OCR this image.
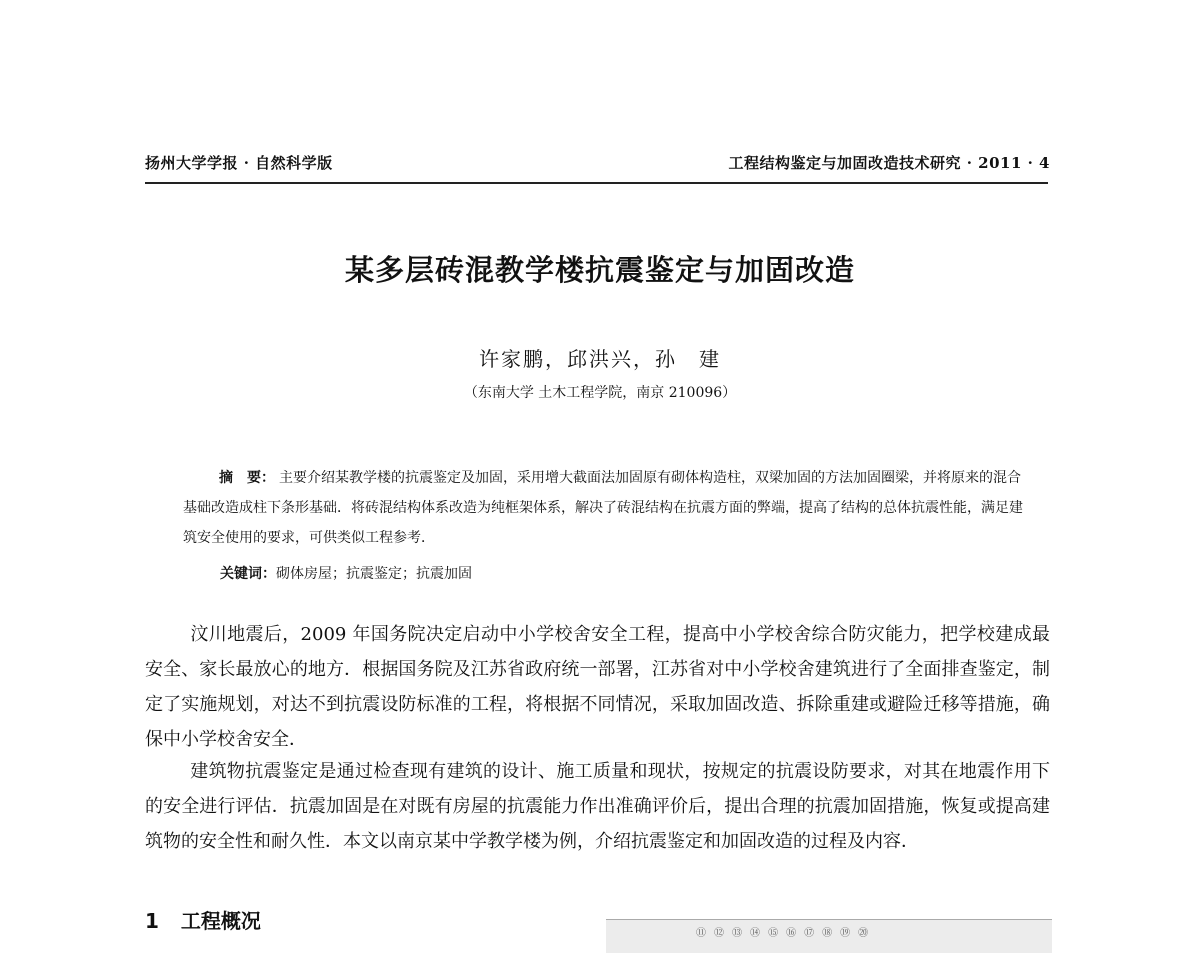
扬州大学学报 · 自然科学版	工程结构鉴定与加固改造技术研究 · 2011 · 4
某多层砖混教学楼抗震鉴定与加固改造
许家鹏，邱洪兴，孙　建
（东南大学 土木工程学院，南京 210096）
摘　要： 主要介绍某教学楼的抗震鉴定及加固，采用增大截面法加固原有砌体构造柱，双梁加固的方法加固圈梁，并将原来的混合基础改造成柱下条形基础．将砖混结构体系改造为纯框架体系，解决了砖混结构在抗震方面的弊端，提高了结构的总体抗震性能，满足建筑安全使用的要求，可供类似工程参考．
关键词：砌体房屋；抗震鉴定；抗震加固
汶川地震后，2009 年国务院决定启动中小学校舍安全工程，提高中小学校舍综合防灾能力，把学校建成最安全、家长最放心的地方．根据国务院及江苏省政府统一部署，江苏省对中小学校舍建筑进行了全面排查鉴定，制定了实施规划，对达不到抗震设防标准的工程，将根据不同情况，采取加固改造、拆除重建或避险迁移等措施，确保中小学校舍安全．
建筑物抗震鉴定是通过检查现有建筑的设计、施工质量和现状，按规定的抗震设防要求，对其在地震作用下的安全进行评估．抗震加固是在对既有房屋的抗震能力作出准确评价后，提出合理的抗震加固措施，恢复或提高建筑物的安全性和耐久性．本文以南京某中学教学楼为例，介绍抗震鉴定和加固改造的过程及内容．
1 工程概况
⑪ ⑫ ⑬ ⑭ ⑮ ⑯ ⑰ ⑱ ⑲ ⑳
